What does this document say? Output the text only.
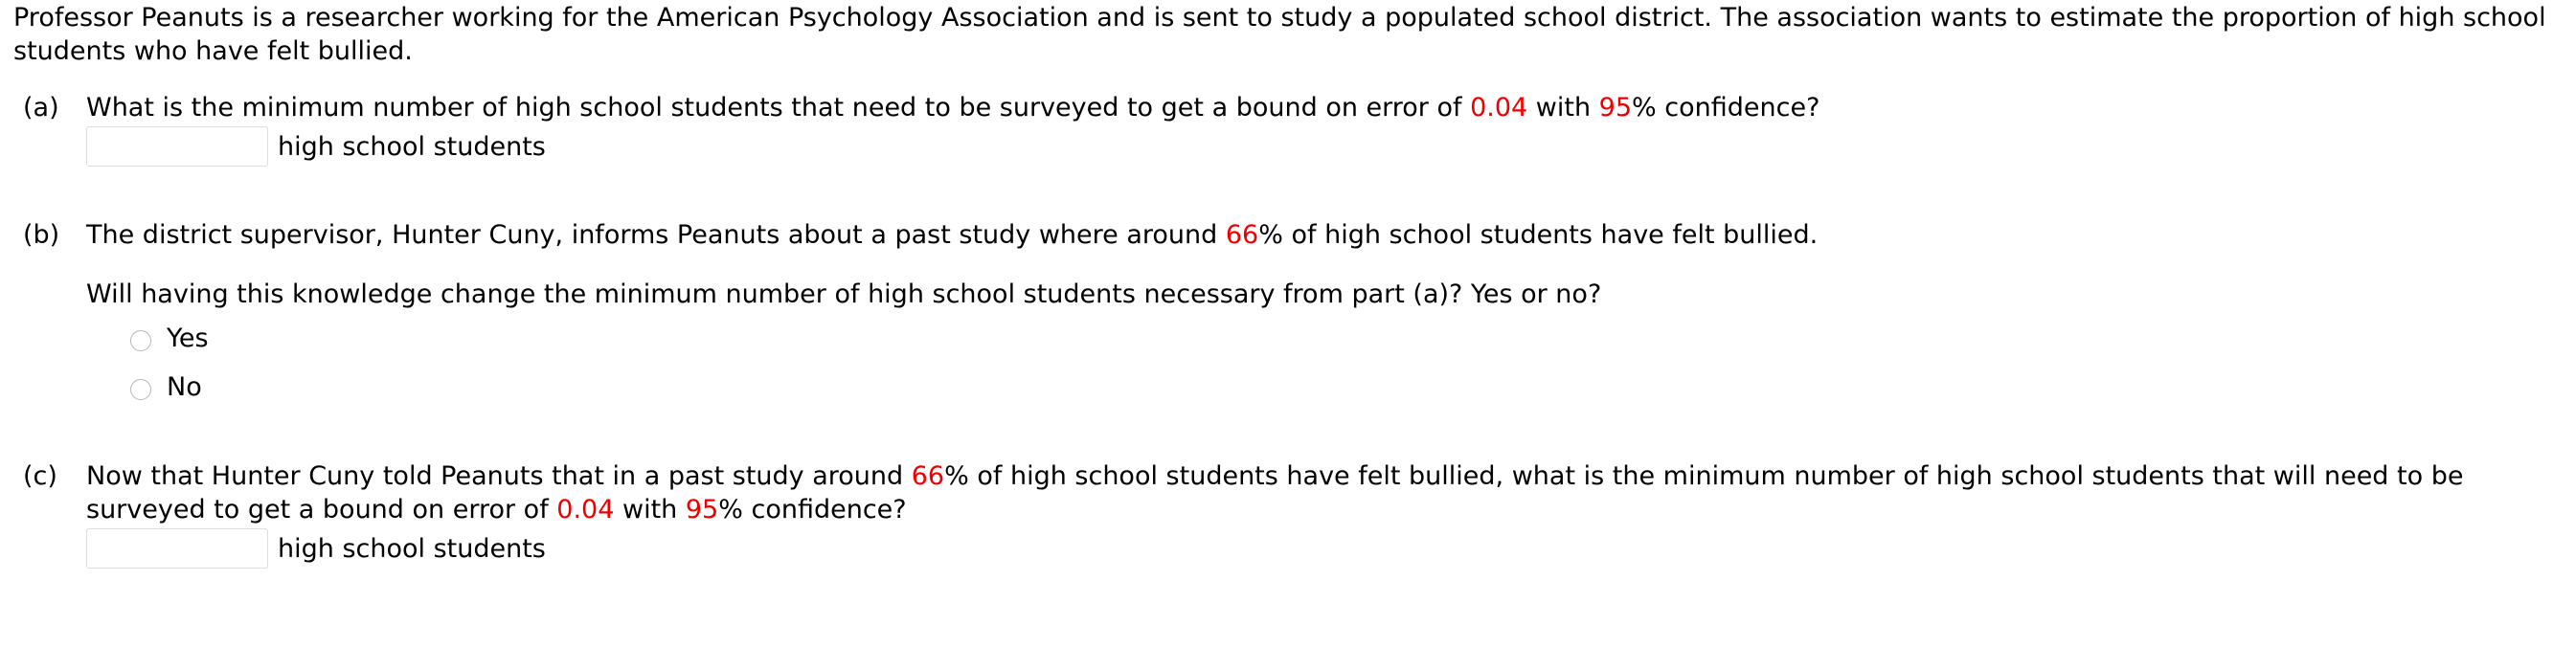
Professor Peanuts is a researcher working for the American Psychology Association and is sent to study a populated school district. The association wants to estimate the proportion of high school students who have felt bullied.

(a) What is the minimum number of high school students that need to be surveyed to get a bound on error of 0.04 with 95% confidence?
high school students
(b) The district supervisor, Hunter Cuny, informs Peanuts about a past study where around 66% of high school students have felt bullied.
Will having this knowledge change the minimum number of high school students necessary from part (a)? Yes or no?
Yes
No
(c) Now that Hunter Cuny told Peanuts that in a past study around 66% of high school students have felt bullied, what is the minimum number of high school students that will need to be surveyed to get a bound on error of 0.04 with 95% confidence?
high school students
